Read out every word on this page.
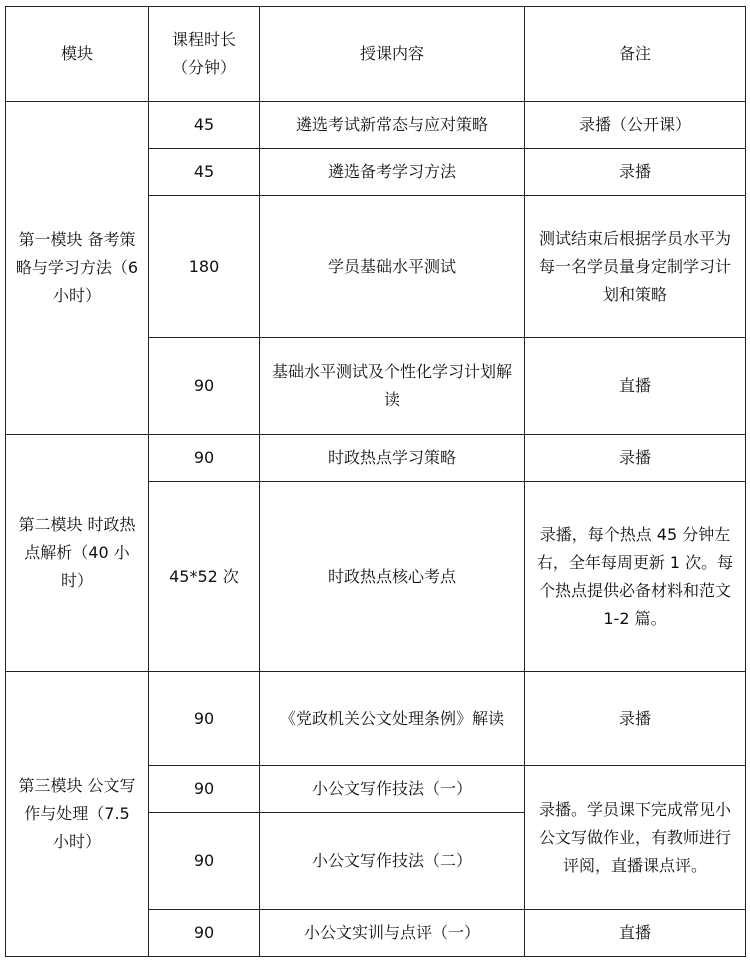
模块	课程时长（分钟）	授课内容	备注
第一模块 备考策略与学习方法（6 小时）	45	遴选考试新常态与应对策略	录播（公开课）
	45	遴选备考学习方法	录播
	180	学员基础水平测试	测试结束后根据学员水平为每一名学员量身定制学习计划和策略
	90	基础水平测试及个性化学习计划解读	直播
第二模块 时政热点解析（40 小时）	90	时政热点学习策略	录播
	45*52 次	时政热点核心考点	录播，每个热点 45 分钟左右，全年每周更新 1 次。每个热点提供必备材料和范文 1-2 篇。
第三模块 公文写作与处理（7.5 小时）	90	《党政机关公文处理条例》解读	录播
	90	小公文写作技法（一）	录播。学员课下完成常见小公文写做作业，有教师进行评阅，直播课点评。
	90	小公文写作技法（二）	
	90	小公文实训与点评（一）	直播
